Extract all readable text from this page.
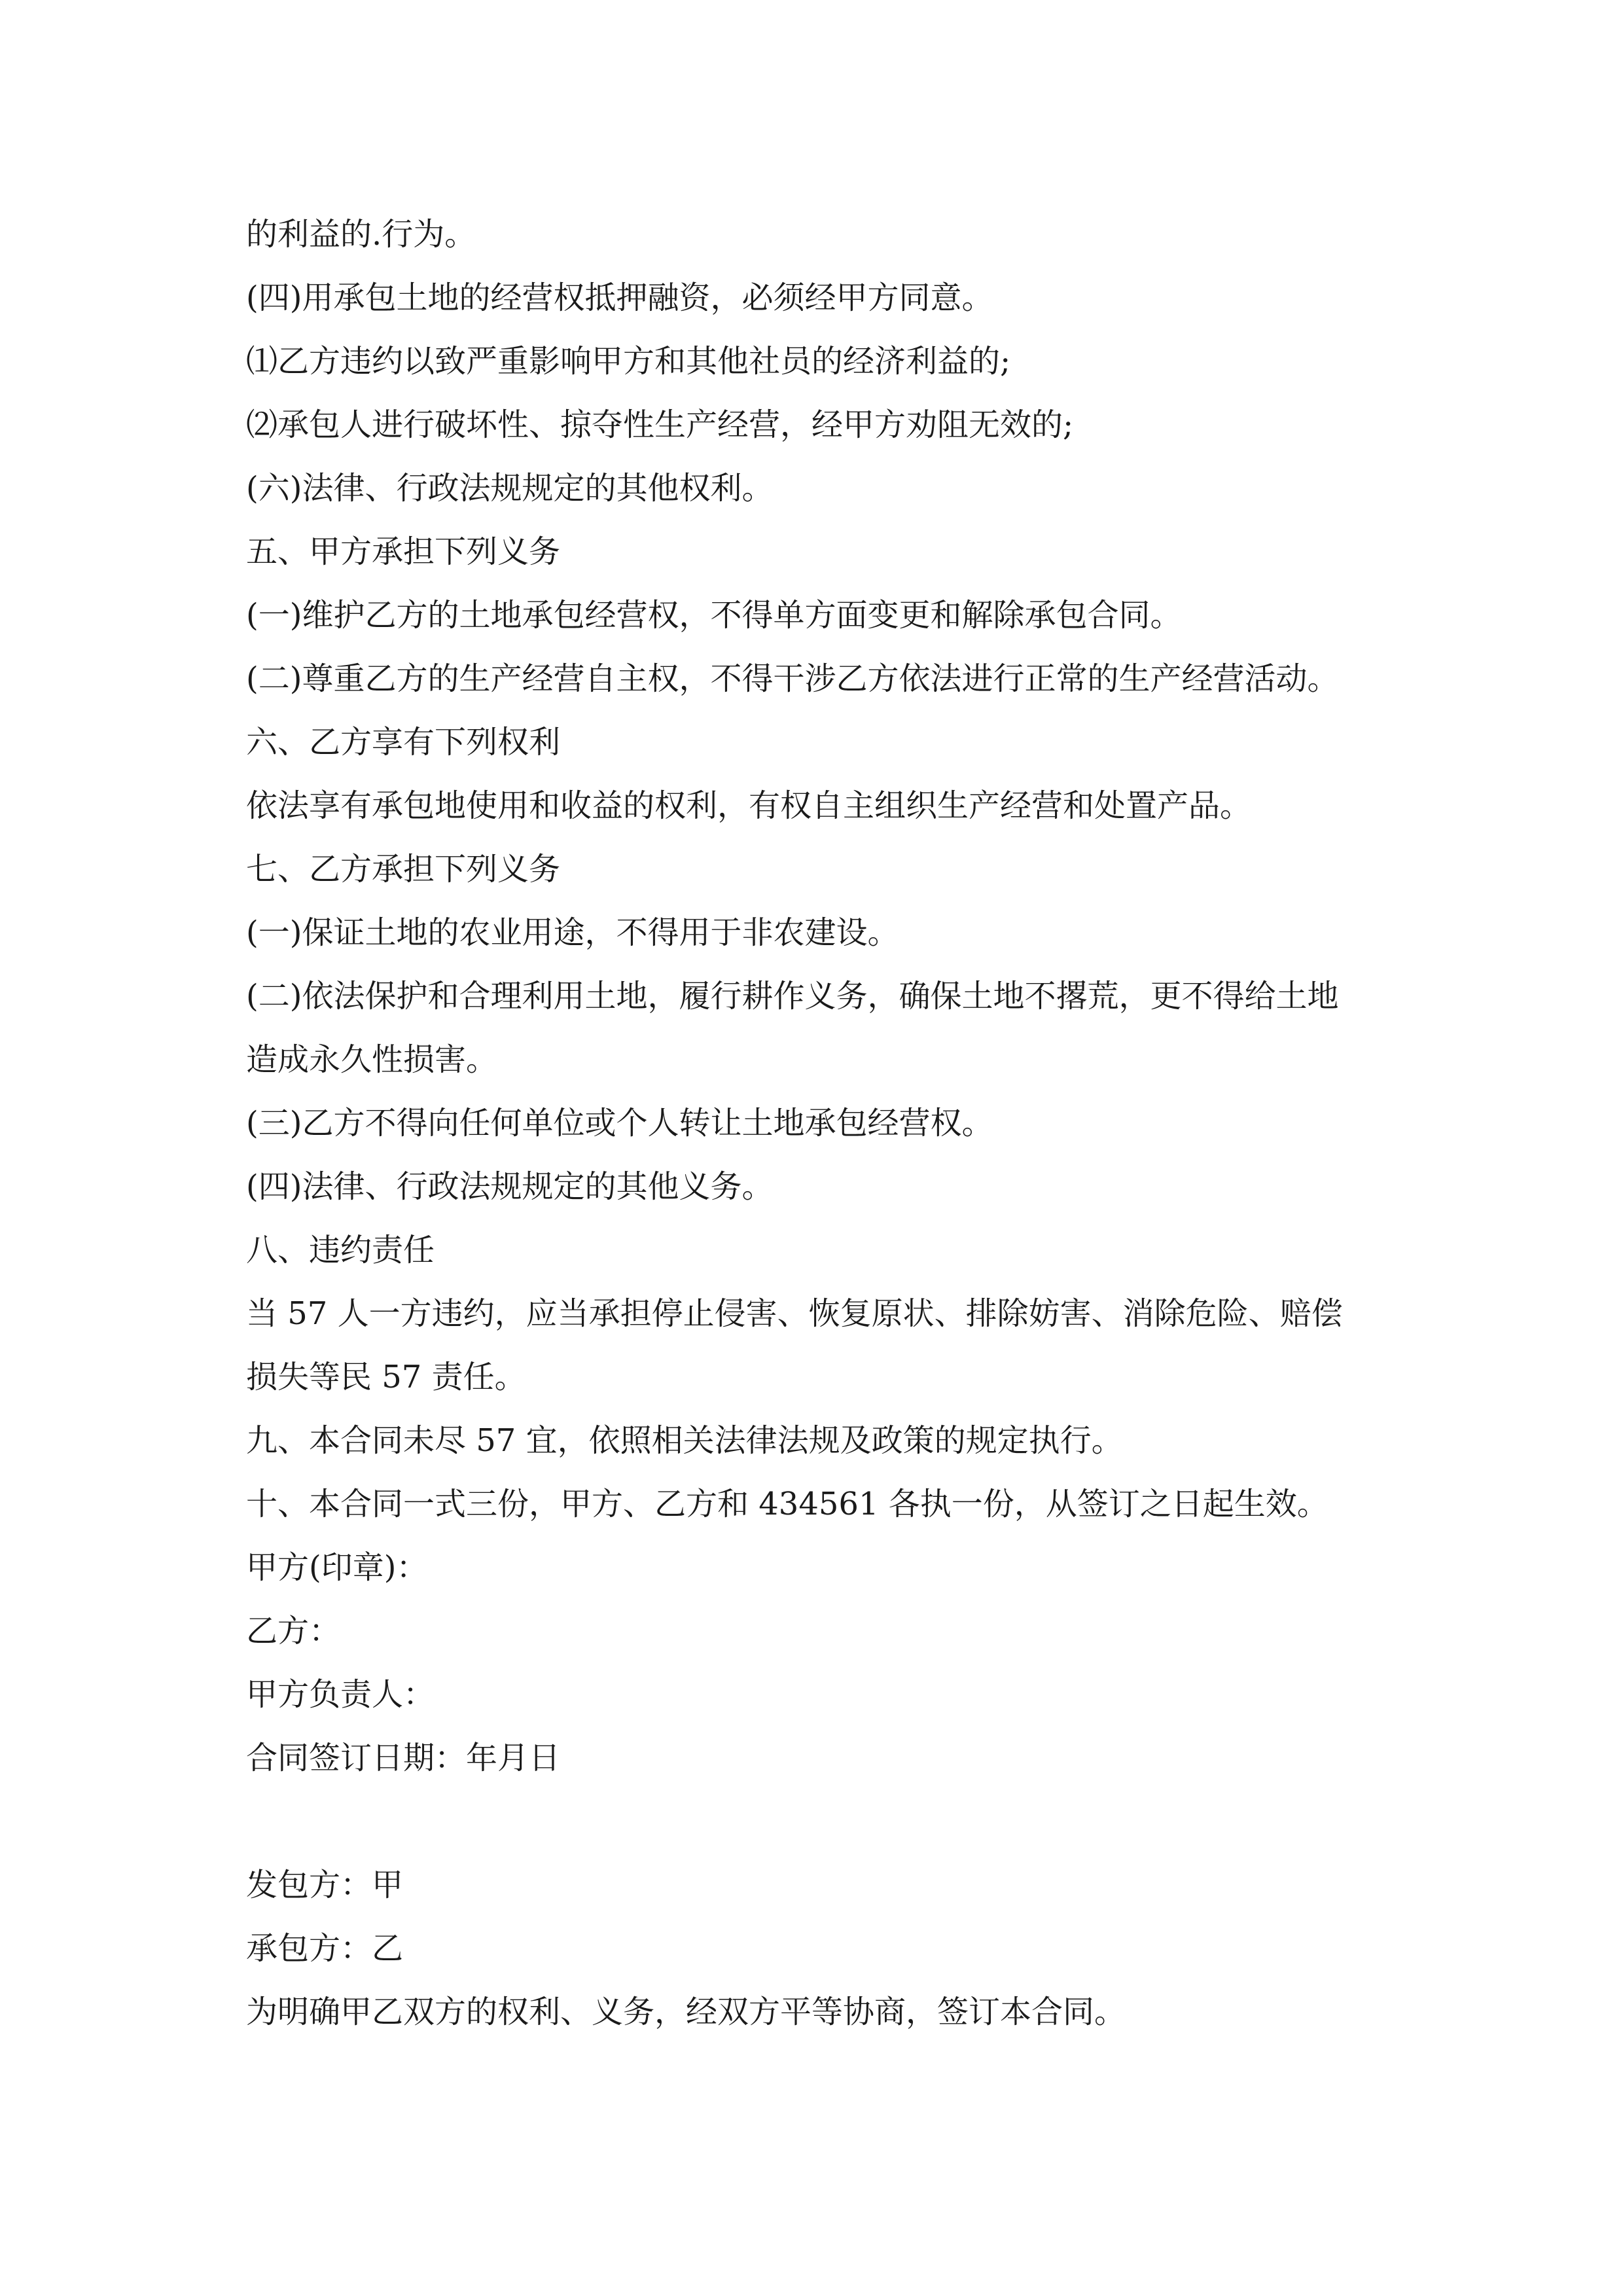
的利益的.行为。
(四)用承包土地的经营权抵押融资，必须经甲方同意。
⑴乙方违约以致严重影响甲方和其他社员的经济利益的;
⑵承包人进行破坏性、掠夺性生产经营，经甲方劝阻无效的;
(六)法律、行政法规规定的其他权利。
五、甲方承担下列义务
(一)维护乙方的土地承包经营权，不得单方面变更和解除承包合同。
(二)尊重乙方的生产经营自主权，不得干涉乙方依法进行正常的生产经营活动。
六、乙方享有下列权利
依法享有承包地使用和收益的权利，有权自主组织生产经营和处置产品。
七、乙方承担下列义务
(一)保证土地的农业用途，不得用于非农建设。
(二)依法保护和合理利用土地，履行耕作义务，确保土地不撂荒，更不得给土地
造成永久性损害。
(三)乙方不得向任何单位或个人转让土地承包经营权。
(四)法律、行政法规规定的其他义务。
八、违约责任
当 57 人一方违约，应当承担停止侵害、恢复原状、排除妨害、消除危险、赔偿
损失等民 57 责任。
九、本合同未尽 57 宜，依照相关法律法规及政策的规定执行。
十、本合同一式三份，甲方、乙方和 434561 各执一份，从签订之日起生效。
甲方(印章)：
乙方：
甲方负责人：
合同签订日期：年月日
发包方：甲
承包方：乙
为明确甲乙双方的权利、义务，经双方平等协商，签订本合同。
